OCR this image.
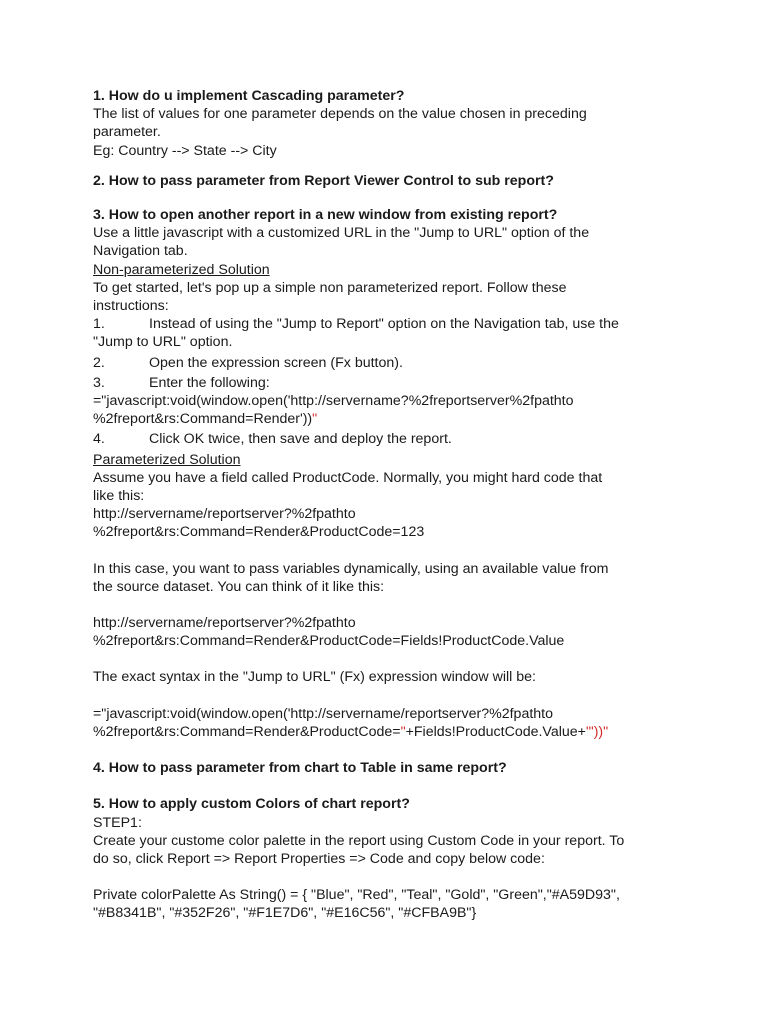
1. How do u implement Cascading parameter?

The list of values for one parameter depends on the value chosen in preceding

parameter.

Eg: Country --> State --> City

2. How to pass parameter from Report Viewer Control to sub report?

3. How to open another report in a new window from existing report?

Use a little javascript with a customized URL in the "Jump to URL" option of the

Navigation tab.

Non-parameterized Solution

To get started, let's pop up a simple non parameterized report. Follow these

instructions:

1.	Instead of using the "Jump to Report" option on the Navigation tab, use the

"Jump to URL" option.

2.	Open the expression screen (Fx button).
3.	Enter the following:

="javascript:void(window.open('http://servername?%2freportserver%2fpathto

%2freport&rs:Command=Render'))"

4.	Click OK twice, then save and deploy the report.

Parameterized Solution

Assume you have a field called ProductCode. Normally, you might hard code that

like this:

http://servername/reportserver?%2fpathto

%2freport&rs:Command=Render&ProductCode=123

In this case, you want to pass variables dynamically, using an available value from

the source dataset. You can think of it like this:

http://servername/reportserver?%2fpathto

%2freport&rs:Command=Render&ProductCode=Fields!ProductCode.Value

The exact syntax in the "Jump to URL" (Fx) expression window will be:

="javascript:void(window.open('http://servername/reportserver?%2fpathto

%2freport&rs:Command=Render&ProductCode="+Fields!ProductCode.Value+"'))"

4. How to pass parameter from chart to Table in same report?

5. How to apply custom Colors of chart report?

STEP1:

Create your custome color palette in the report using Custom Code in your report. To

do so, click Report => Report Properties => Code and copy below code:

Private colorPalette As String() = { "Blue", "Red", "Teal", "Gold", "Green","#A59D93",

"#B8341B", "#352F26", "#F1E7D6", "#E16C56", "#CFBA9B"}
